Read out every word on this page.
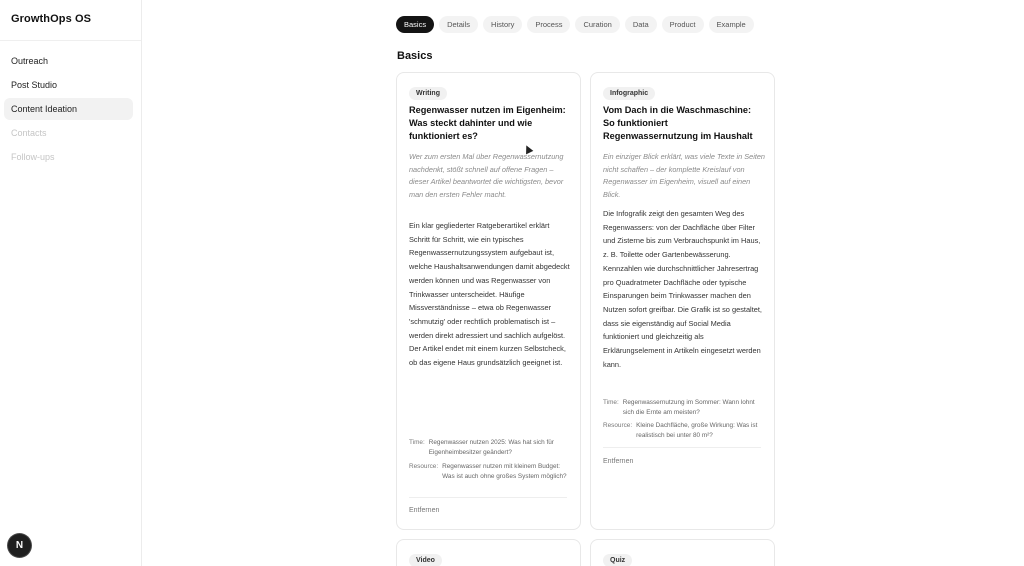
GrowthOps OS
Outreach
Post Studio
Content Ideation
Contacts
Follow-ups
N
Basics	Details	History	Process	Curation	Data	Product	Example
Basics
Writing
Regenwasser nutzen im Eigenheim: Was steckt dahinter und wie funktioniert es?
Wer zum ersten Mal über Regenwassernutzung nachdenkt, stößt schnell auf offene Fragen – dieser Artikel beantwortet die wichtigsten, bevor man den ersten Fehler macht.
Ein klar gegliederter Ratgeberartikel erklärt Schritt für Schritt, wie ein typisches Regenwassernutzungssystem aufgebaut ist, welche Haushaltsanwendungen damit abgedeckt werden können und was Regenwasser von Trinkwasser unterscheidet. Häufige Missverständnisse – etwa ob Regenwasser 'schmutzig' oder rechtlich problematisch ist – werden direkt adressiert und sachlich aufgelöst. Der Artikel endet mit einem kurzen Selbstcheck, ob das eigene Haus grundsätzlich geeignet ist.
Time: Regenwasser nutzen 2025: Was hat sich für Eigenheimbesitzer geändert?
Resource: Regenwasser nutzen mit kleinem Budget: Was ist auch ohne großes System möglich?
Entfernen
Infographic
Vom Dach in die Waschmaschine: So funktioniert Regenwassernutzung im Haushalt
Ein einziger Blick erklärt, was viele Texte in Seiten nicht schaffen – der komplette Kreislauf von Regenwasser im Eigenheim, visuell auf einen Blick.
Die Infografik zeigt den gesamten Weg des Regenwassers: von der Dachfläche über Filter und Zisterne bis zum Verbrauchspunkt im Haus, z. B. Toilette oder Gartenbewässerung. Kennzahlen wie durchschnittlicher Jahresertrag pro Quadratmeter Dachfläche oder typische Einsparungen beim Trinkwasser machen den Nutzen sofort greifbar. Die Grafik ist so gestaltet, dass sie eigenständig auf Social Media funktioniert und gleichzeitig als Erklärungselement in Artikeln eingesetzt werden kann.
Time: Regenwassernutzung im Sommer: Wann lohnt sich die Ernte am meisten?
Resource: Kleine Dachfläche, große Wirkung: Was ist realistisch bei unter 80 m²?
Entfernen
Video	Quiz
